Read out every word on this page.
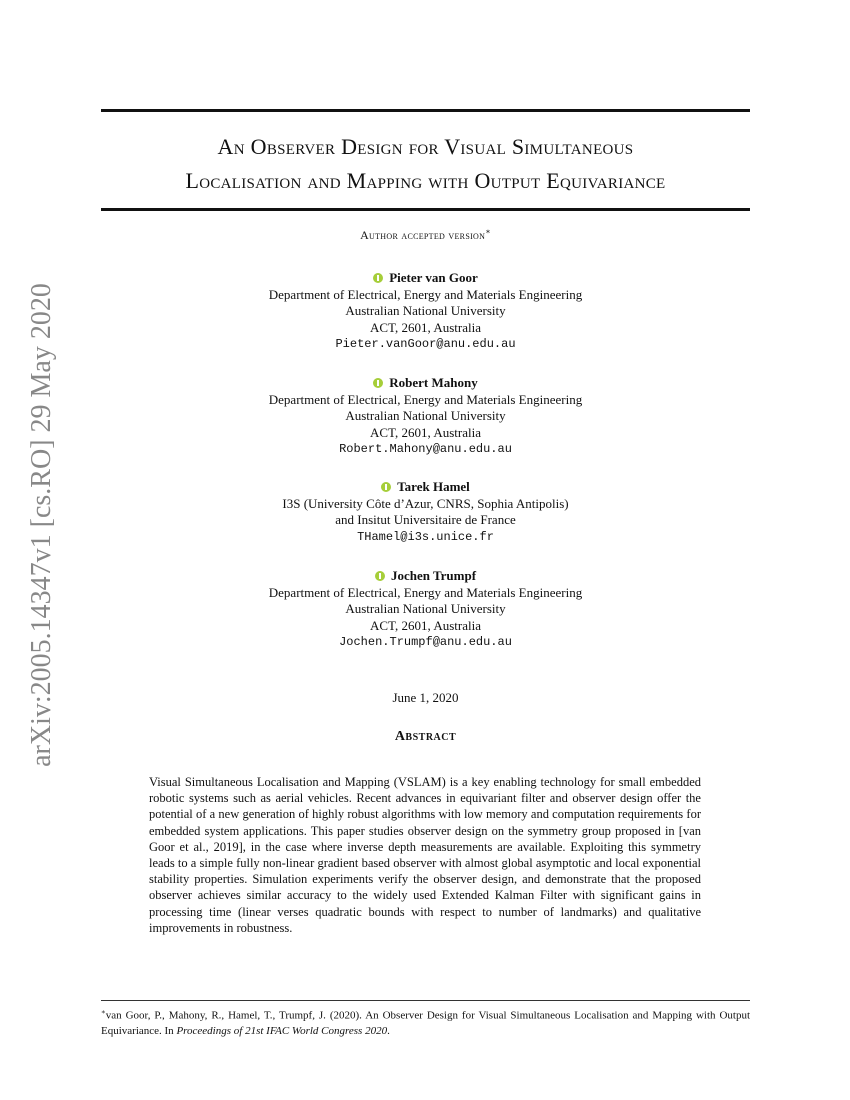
arXiv:2005.14347v1 [cs.RO] 29 May 2020
An Observer Design for Visual Simultaneous
Localisation and Mapping with Output Equivariance
Author accepted version∗
Pieter van Goor
Department of Electrical, Energy and Materials Engineering
Australian National University
ACT, 2601, Australia
Pieter.vanGoor@anu.edu.au
Robert Mahony
Department of Electrical, Energy and Materials Engineering
Australian National University
ACT, 2601, Australia
Robert.Mahony@anu.edu.au
Tarek Hamel
I3S (University Côte d’Azur, CNRS, Sophia Antipolis)
and Insitut Universitaire de France
THamel@i3s.unice.fr
Jochen Trumpf
Department of Electrical, Energy and Materials Engineering
Australian National University
ACT, 2601, Australia
Jochen.Trumpf@anu.edu.au
June 1, 2020
Abstract
Visual Simultaneous Localisation and Mapping (VSLAM) is a key enabling technology for small embedded robotic systems such as aerial vehicles. Recent advances in equivariant filter and observer design offer the potential of a new generation of highly robust algorithms with low memory and computation requirements for embedded system applications. This paper studies observer design on the symmetry group proposed in [van Goor et al., 2019], in the case where inverse depth measurements are available. Exploiting this symmetry leads to a simple fully non-linear gradient based observer with almost global asymptotic and local exponential stability properties. Simulation experiments verify the observer design, and demonstrate that the proposed observer achieves similar accuracy to the widely used Extended Kalman Filter with significant gains in processing time (linear verses quadratic bounds with respect to number of landmarks) and qualitative improvements in robustness.
∗van Goor, P., Mahony, R., Hamel, T., Trumpf, J. (2020). An Observer Design for Visual Simultaneous Localisation and Mapping with Output Equivariance. In Proceedings of 21st IFAC World Congress 2020.
